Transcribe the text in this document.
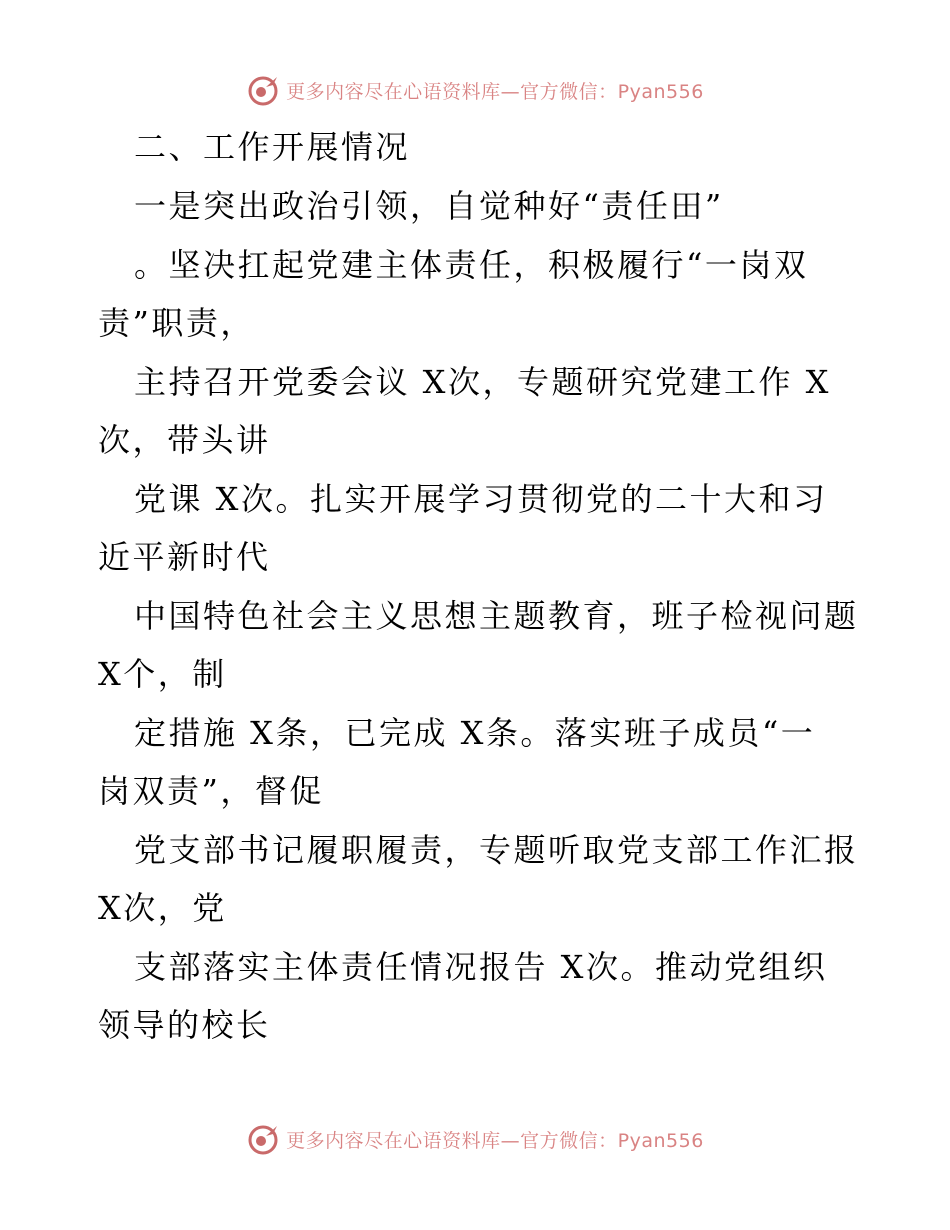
更多内容尽在心语资料库—官方微信：Pyan556
二、工作开展情况
一是突出政治引领，自觉种好“责任田”
。坚决扛起党建主体责任，积极履行“一岗双
责”职责，
主持召开党委会议 X次，专题研究党建工作 X
次，带头讲
党课 X次。扎实开展学习贯彻党的二十大和习
近平新时代
中国特色社会主义思想主题教育，班子检视问题
X个，制
定措施 X条，已完成 X条。落实班子成员“一
岗双责”，督促
党支部书记履职履责，专题听取党支部工作汇报
X次，党
支部落实主体责任情况报告 X次。推动党组织
领导的校长
更多内容尽在心语资料库—官方微信：Pyan556
